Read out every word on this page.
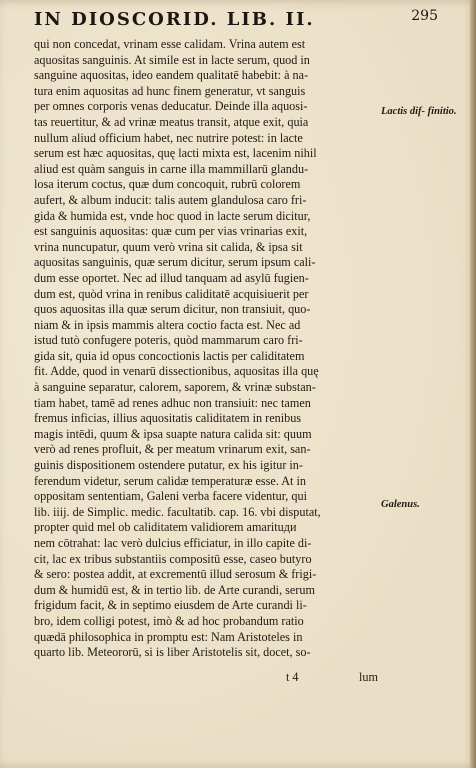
IN DIOSCORID. LIB. II.	295
qui non concedat, vrinam esse calidam. Vrina autem est
aquositas sanguinis. At simile est in lacte serum, quod in
sanguine aquositas, ideo eandem qualitatē habebit: à na-
tura enim aquositas ad hunc finem generatur, vt sanguis
per omnes corporis venas deducatur. Deinde illa aquosi-
tas reuertitur, & ad vrinæ meatus transit, atque exit, quia
nullum aliud officium habet, nec nutrire potest: in lacte
serum est hæc aquositas, quę lacti mixta est, lacenim nihil
aliud est quàm sanguis in carne illa mammillarū glandu-
losa iterum coctus, quæ dum concoquit, rubrū colorem
aufert, & album inducit: talis autem glandulosa caro fri-
gida & humida est, vnde hoc quod in lacte serum dicitur,
est sanguinis aquositas: quæ cum per vias vrinarias exit,
vrina nuncupatur, quum verò vrina sit calida, & ipsa sit
aquositas sanguinis, quæ serum dicitur, serum ipsum cali-
dum esse oportet. Nec ad illud tanquam ad asylū fugien-
dum est, quòd vrina in renibus caliditatē acquisiuerit per
quos aquositas illa quæ serum dicitur, non transiuit, quo-
niam & in ipsis mammis altera coctio facta est. Nec ad
istud tutò confugere poteris, quòd mammarum caro fri-
gida sit, quia id opus concoctionis lactis per caliditatem
fit. Adde, quod in venarū dissectionibus, aquositas illa quę
à sanguine separatur, calorem, saporem, & vrinæ substan-
tiam habet, tamē ad renes adhuc non transiuit: nec tamen
fremus inficias, illius aquositatis caliditatem in renibus
magis intēdi, quum & ipsa suapte natura calida sit: quum
verò ad renes profluit, & per meatum vrinarum exit, san-
guinis dispositionem ostendere putatur, ex his igitur in-
ferendum videtur, serum calidæ temperaturæ esse. At in
oppositam sententiam, Galeni verba facere videntur, qui
lib. iiij. de Simplic. medic. facultatib. cap. 16. vbi disputat,
propter quid mel ob caliditatem validiorem amarituди
nem cōtrahat: lac verò dulcius efficiatur, in illo capite di-
cit, lac ex tribus substantiis compositū esse, caseo butyro
& sero: postea addit, at excrementū illud serosum & frigi-
dum & humidū est, & in tertio lib. de Arte curandi, serum
frigidum facit, & in septimo eiusdem de Arte curandi li-
bro, idem colligi potest, imò & ad hoc probandum ratio
quædā philosophica in promptu est: Nam Aristoteles in
quarto lib. Meteororū, si is liber Aristotelis sit, docet, so-
Lactis dif- finitio.
Galenus.
t 4	lum
